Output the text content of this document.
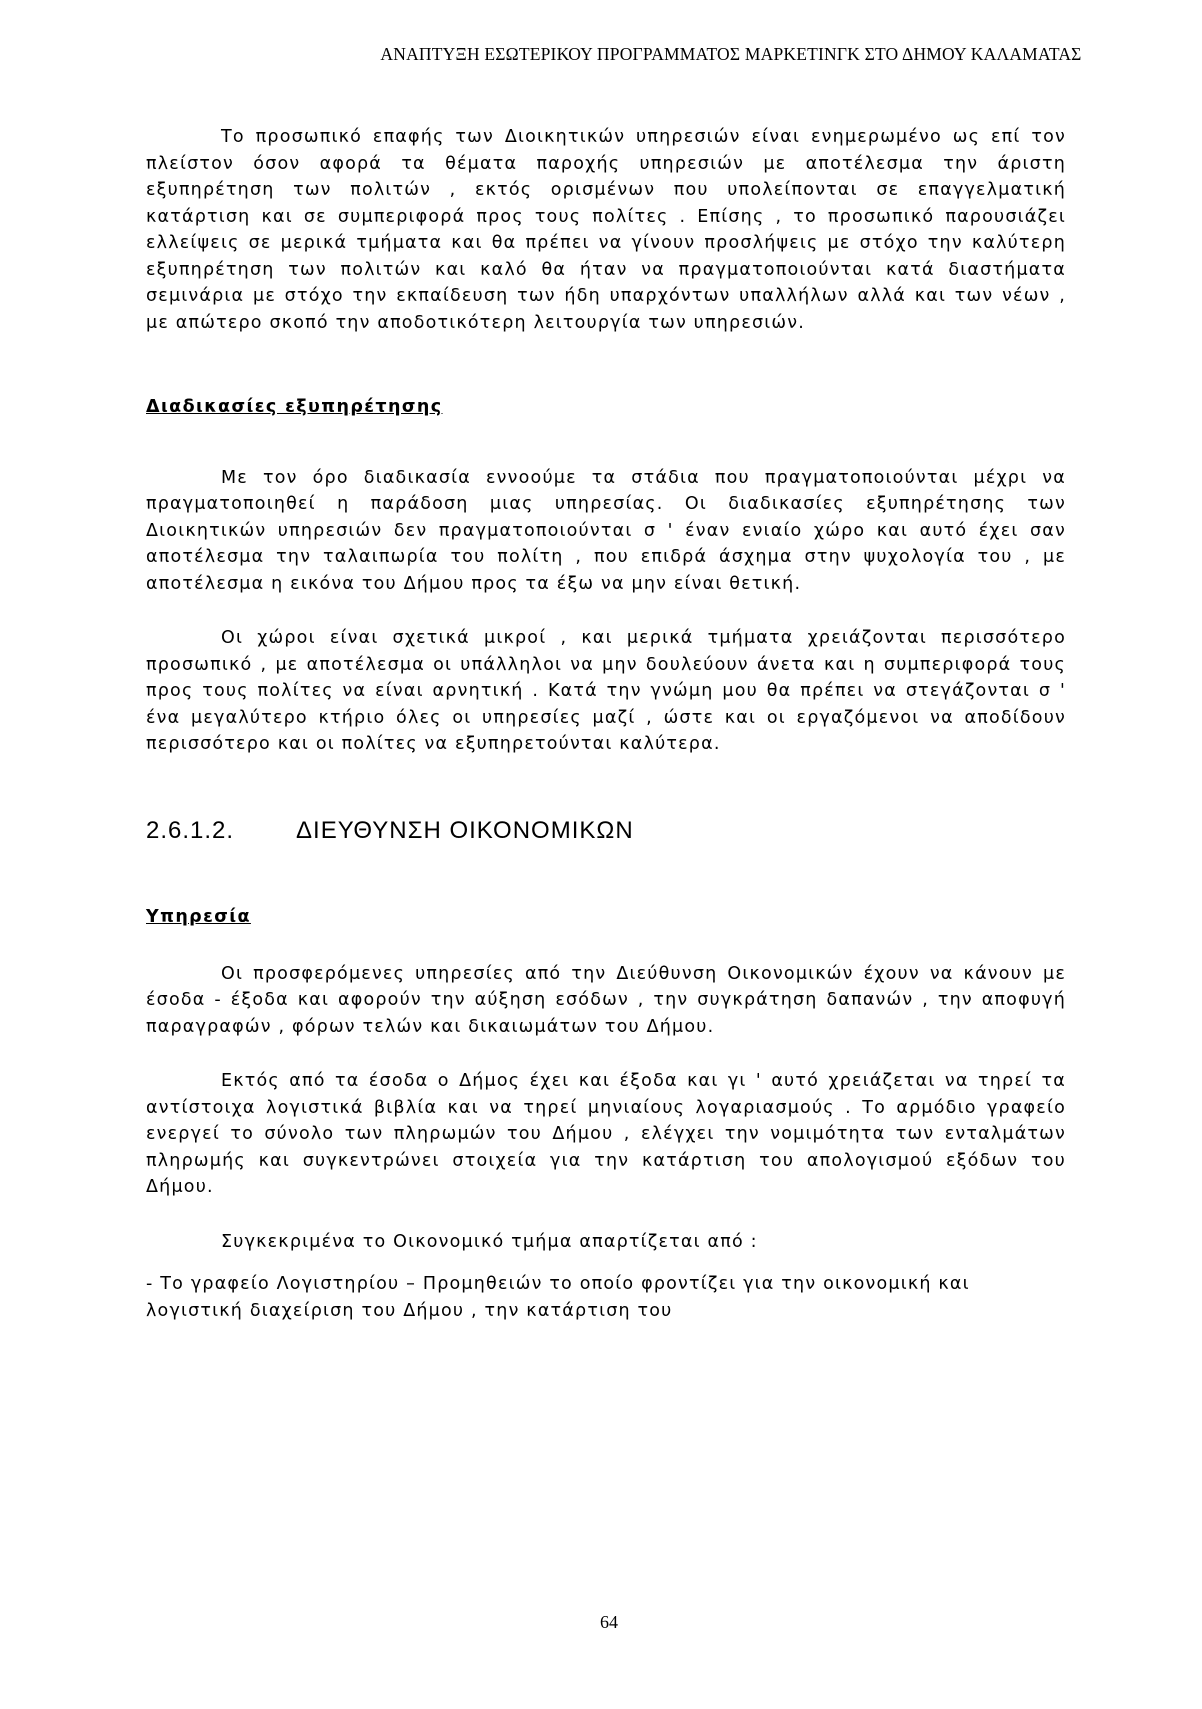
ΑΝΑΠΤΥΞΗ ΕΣΩΤΕΡΙΚΟΥ ΠΡΟΓΡΑΜΜΑΤΟΣ ΜΑΡΚΕΤΙΝΓΚ ΣΤΟ ΔΗΜΟΥ ΚΑΛΑΜΑΤΑΣ

Το προσωπικό επαφής των Διοικητικών υπηρεσιών είναι ενημερωμένο ως επί τον πλείστον όσον αφορά τα θέματα παροχής υπηρεσιών με αποτέλεσμα την άριστη εξυπηρέτηση των πολιτών , εκτός ορισμένων που υπολείπονται σε επαγγελματική κατάρτιση και σε συμπεριφορά προς τους πολίτες . Επίσης , το προσωπικό παρουσιάζει ελλείψεις σε μερικά τμήματα και θα πρέπει να γίνουν προσλήψεις με στόχο την καλύτερη εξυπηρέτηση των πολιτών και καλό θα ήταν να πραγματοποιούνται κατά διαστήματα σεμινάρια με στόχο την εκπαίδευση των ήδη υπαρχόντων υπαλλήλων αλλά και των νέων , με απώτερο σκοπό την αποδοτικότερη λειτουργία των υπηρεσιών.

Διαδικασίες εξυπηρέτησης

Με τον όρο διαδικασία εννοούμε τα στάδια που πραγματοποιούνται μέχρι να πραγματοποιηθεί η παράδοση μιας υπηρεσίας. Οι διαδικασίες εξυπηρέτησης των Διοικητικών υπηρεσιών δεν πραγματοποιούνται σ ' έναν ενιαίο χώρο και αυτό έχει σαν αποτέλεσμα την ταλαιπωρία του πολίτη , που επιδρά άσχημα στην ψυχολογία του , με αποτέλεσμα η εικόνα του Δήμου προς τα έξω να μην είναι θετική.

Οι χώροι είναι σχετικά μικροί , και μερικά τμήματα χρειάζονται περισσότερο προσωπικό , με αποτέλεσμα οι υπάλληλοι να μην δουλεύουν άνετα και η συμπεριφορά τους προς τους πολίτες να είναι αρνητική . Κατά την γνώμη μου θα πρέπει να στεγάζονται σ ' ένα μεγαλύτερο κτήριο όλες οι υπηρεσίες μαζί , ώστε και οι εργαζόμενοι να αποδίδουν περισσότερο και οι πολίτες να εξυπηρετούνται καλύτερα.

2.6.1.2.	ΔΙΕΥΘΥΝΣΗ ΟΙΚΟΝΟΜΙΚΩΝ

Υπηρεσία

Οι προσφερόμενες υπηρεσίες από την Διεύθυνση Οικονομικών έχουν να κάνουν με έσοδα - έξοδα και αφορούν την αύξηση εσόδων , την συγκράτηση δαπανών , την αποφυγή παραγραφών , φόρων τελών και δικαιωμάτων του Δήμου.

Εκτός από τα έσοδα ο Δήμος έχει και έξοδα και γι ' αυτό χρειάζεται να τηρεί τα αντίστοιχα λογιστικά βιβλία και να τηρεί μηνιαίους λογαριασμούς . Το αρμόδιο γραφείο ενεργεί το σύνολο των πληρωμών του Δήμου , ελέγχει την νομιμότητα των ενταλμάτων πληρωμής και συγκεντρώνει στοιχεία για την κατάρτιση του απολογισμού εξόδων του Δήμου.

Συγκεκριμένα το Οικονομικό τμήμα απαρτίζεται από :

- Το γραφείο Λογιστηρίου – Προμηθειών το οποίο φροντίζει για την οικονομική και λογιστική διαχείριση του Δήμου , την κατάρτιση του

64
